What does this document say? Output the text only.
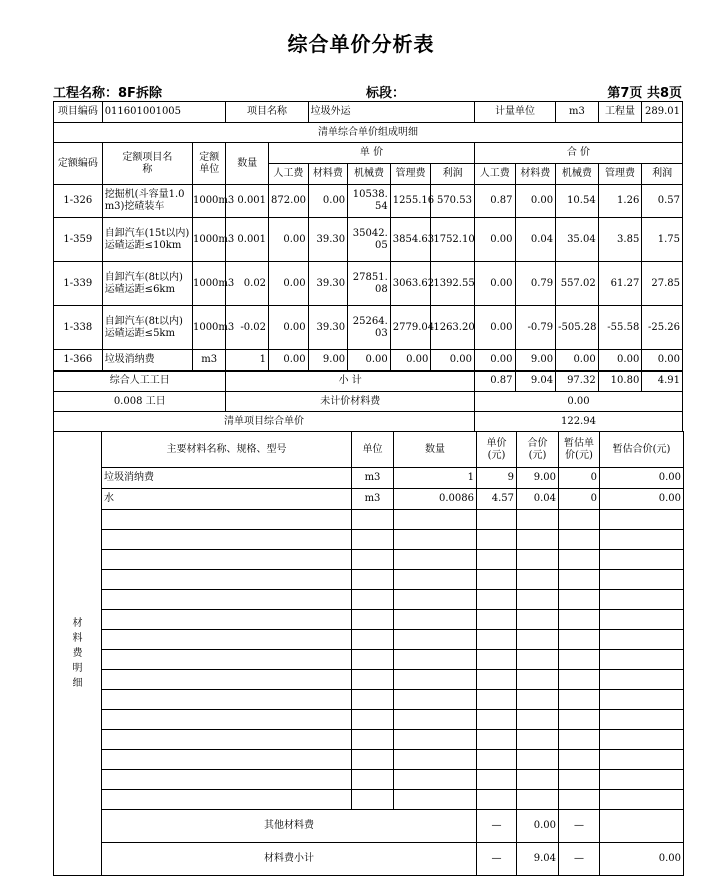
综合单价分析表
工程名称：8F拆除	标段：	第7页 共8页
项目编码	011601001005		项目名称		垃圾外运				计量单位		m3	工程量	289.01
清单综合单价组成明细													
定额编码	定额项目名称	定额单位	数量	单 价					合 价				
				人工费	材料费	机械费	管理费	利润	人工费	材料费	机械费	管理费	利润
1-326	挖掘机(斗容量1.0m3)挖碴装车	1000m3	0.001	872.00	0.00	10538.54	1255.16	570.53	0.87	0.00	10.54	1.26	0.57
1-359	自卸汽车(15t以内)运碴运距≤10km	1000m3	0.001	0.00	39.30	35042.05	3854.63	1752.10	0.00	0.04	35.04	3.85	1.75
1-339	自卸汽车(8t以内)运碴运距≤6km	1000m3	0.02	0.00	39.30	27851.08	3063.62	1392.55	0.00	0.79	557.02	61.27	27.85
1-338	自卸汽车(8t以内)运碴运距≤5km	1000m3	-0.02	0.00	39.30	25264.03	2779.04	1263.20	0.00	-0.79	-505.28	-55.58	-25.26
1-366	垃圾消纳费	m3	1	0.00	9.00	0.00	0.00	0.00	0.00	9.00	0.00	0.00	0.00
综合人工工日			小 计						0.87	9.04	97.32	10.80	4.91
0.008 工日			未计价材料费						0.00				
清单项目综合单价									122.94				
材料费明细	主要材料名称、规格、型号	单位	数量	单价(元)	合价(元)	暂估单价(元)	暂估合价(元)
	垃圾消纳费	m3	1	9	9.00	0	0.00
	水	m3	0.0086	4.57	0.04	0	0.00

	其他材料费			—	0.00	—	
	材料费小计			—	9.04	—	0.00
